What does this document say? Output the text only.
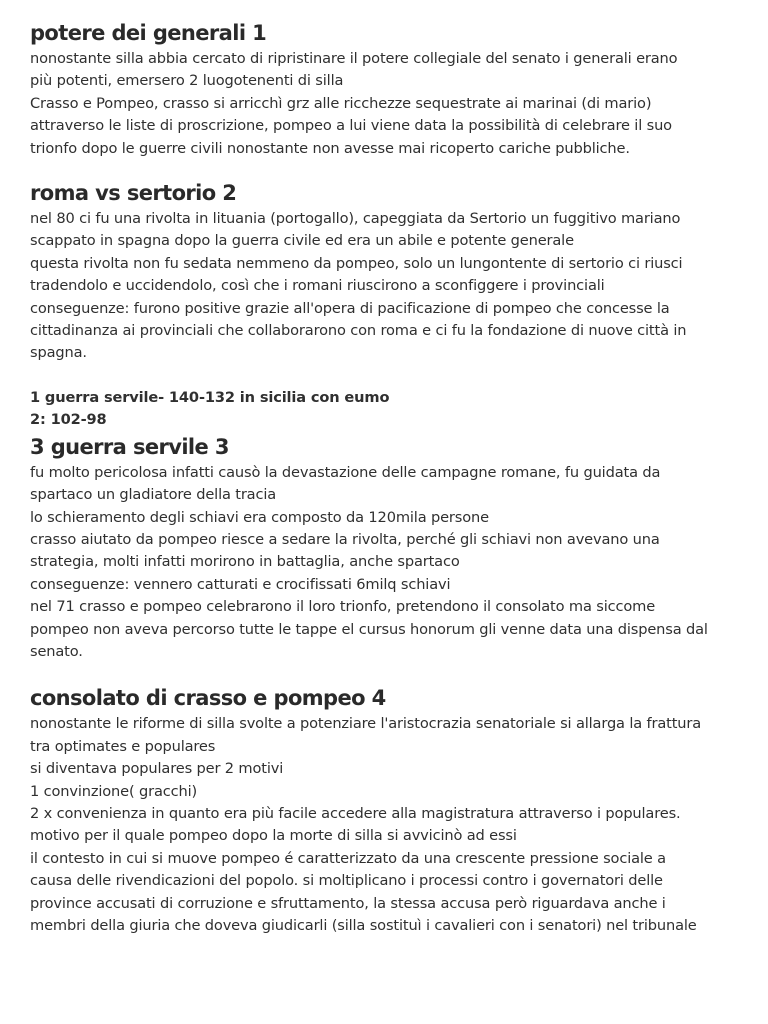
potere dei generali 1

nonostante silla abbia cercato di ripristinare il potere collegiale del senato i generali erano

più potenti, emersero 2 luogotenenti di silla

Crasso e Pompeo, crasso si arricchì grz alle ricchezze sequestrate ai marinai (di mario)

attraverso le liste di proscrizione, pompeo a lui viene data la possibilità di celebrare il suo

trionfo dopo le guerre civili nonostante non avesse mai ricoperto cariche pubbliche.

roma vs sertorio 2

nel 80 ci fu una rivolta in lituania (portogallo), capeggiata da Sertorio un fuggitivo mariano

scappato in spagna dopo la guerra civile ed era un abile e potente generale

questa rivolta non fu sedata nemmeno da pompeo, solo un lungontente di sertorio ci riusci

tradendolo e uccidendolo, così che i romani riuscirono a sconfiggere i provinciali

conseguenze: furono positive grazie all'opera di pacificazione di pompeo che concesse la

cittadinanza ai provinciali che collaborarono con roma e ci fu la fondazione di nuove città in

spagna.

1 guerra servile- 140-132 in sicilia con eumo

2: 102-98

3 guerra servile 3

fu molto pericolosa infatti causò la devastazione delle campagne romane, fu guidata da

spartaco un gladiatore della tracia

lo schieramento degli schiavi era composto da 120mila persone

crasso aiutato da pompeo riesce a sedare la rivolta, perché gli schiavi non avevano una

strategia, molti infatti morirono in battaglia, anche spartaco

conseguenze: vennero catturati e crocifissati 6milq schiavi

nel 71 crasso e pompeo celebrarono il loro trionfo, pretendono il consolato ma siccome

pompeo non aveva percorso tutte le tappe el cursus honorum gli venne data una dispensa dal

senato.

consolato di crasso e pompeo 4

nonostante le riforme di silla svolte a potenziare l'aristocrazia senatoriale si allarga la frattura

tra optimates e populares

si diventava populares per 2 motivi

1 convinzione( gracchi)

2 x convenienza in quanto era più facile accedere alla magistratura attraverso i populares.

motivo per il quale pompeo dopo la morte di silla si avvicinò ad essi

il contesto in cui si muove pompeo é caratterizzato da una crescente pressione sociale a

causa delle rivendicazioni del popolo. si moltiplicano i processi contro i governatori delle

province accusati di corruzione e sfruttamento, la stessa accusa però riguardava anche i

membri della giuria che doveva giudicarli (silla sostituì i cavalieri con i senatori) nel tribunale
